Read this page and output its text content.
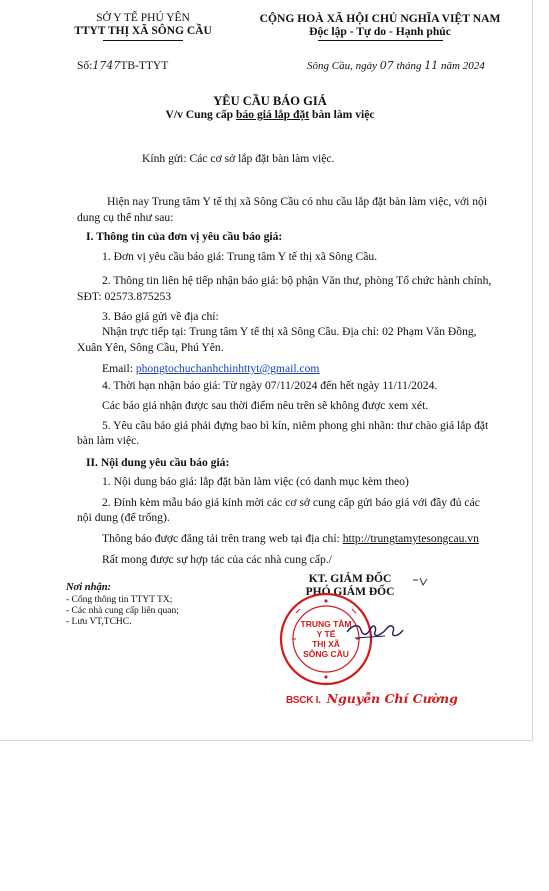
SỞ Y TẾ PHÚ YÊN
TTYT THỊ XÃ SÔNG CẦU
Số:1747TB-TTYT
CỘNG HOÀ XÃ HỘI CHỦ NGHĨA VIỆT NAM
Độc lập - Tự do - Hạnh phúc
Sông Cầu, ngày 07 tháng 11 năm 2024
YÊU CẦU BÁO GIÁ
V/v Cung cấp báo giá lắp đặt bàn làm việc
Kính gửi: Các cơ sở lắp đặt bàn làm việc.
Hiện nay Trung tâm Y tế thị xã Sông Cầu có nhu cầu lắp đặt bàn làm việc, với nội
dung cụ thể như sau:
I. Thông tin của đơn vị yêu cầu báo giá:
1. Đơn vị yêu cầu báo giá: Trung tâm Y tế thị xã Sông Cầu.
2. Thông tin liên hệ tiếp nhận báo giá: bộ phận Văn thư, phòng Tổ chức hành chính,
SĐT: 02573.875253
3. Báo giá gửi về địa chỉ:
Nhận trực tiếp tại: Trung tâm Y tế thị xã Sông Cầu. Địa chỉ: 02 Phạm Văn Đồng,
Xuân Yên, Sông Cầu, Phú Yên.
Email: phongtochuchanhchinhttyt@gmail.com
4. Thời hạn nhận báo giá: Từ ngày 07/11/2024 đến hết ngày 11/11/2024.
Các báo giá nhận được sau thời điểm nêu trên sẽ không được xem xét.
5. Yêu cầu báo giá phải đựng bao bì kín, niêm phong ghi nhãn: thư chào giá lắp đặt
bàn làm việc.
II. Nội dung yêu cầu báo giá:
1. Nội dung báo giá: lắp đặt bàn làm việc (có danh mục kèm theo)
2. Đính kèm mẫu báo giá kính mời các cơ sở cung cấp gửi báo giá với đầy đủ các
nội dung (để trống).
Thông báo được đăng tải trên trang web tại địa chỉ: http://trungtamytesongcau.vn
Rất mong được sự hợp tác của các nhà cung cấp./
Nơi nhận:
- Cổng thông tin TTYT TX;
- Các nhà cung cấp liên quan;
- Lưu VT,TCHC.
KT. GIÁM ĐỐC
PHÓ GIÁM ĐỐC
TRUNG TÂM
Y TẾ
THỊ XÃ
SÔNG CẦU
BSCK I. Nguyễn Chí Cường
